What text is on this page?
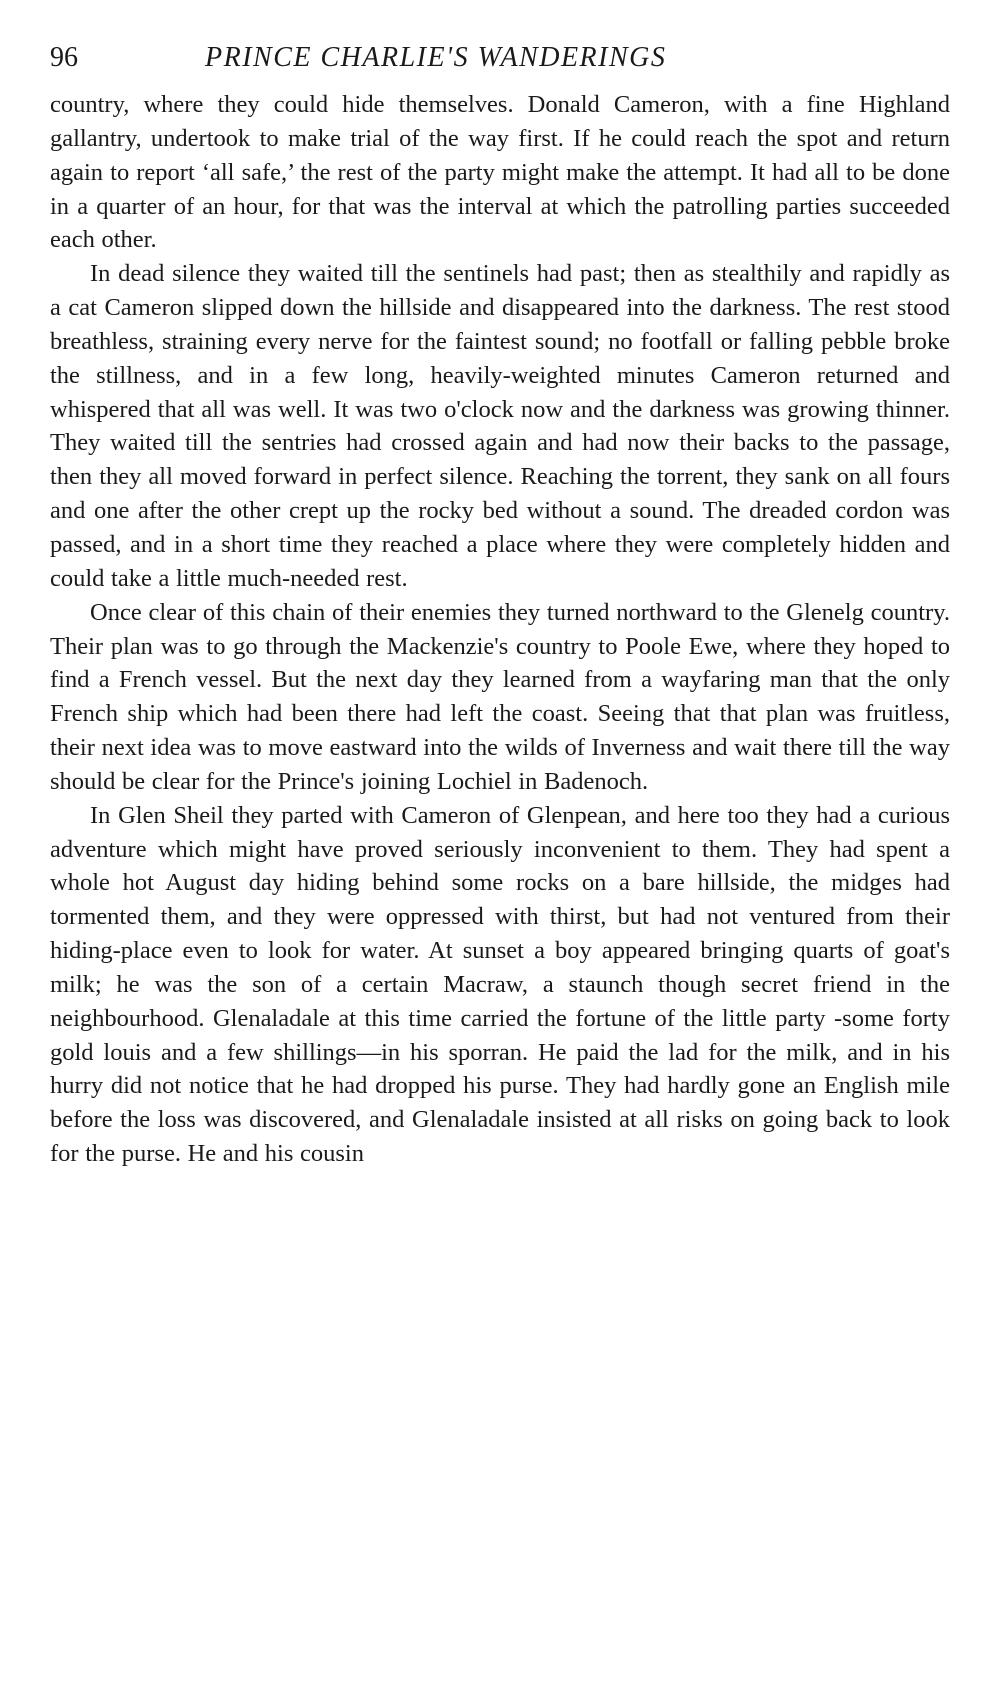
96	PRINCE CHARLIE'S WANDERINGS

country, where they could hide themselves. Donald Cameron, with a fine Highland gallantry, undertook to make trial of the way first. If he could reach the spot and return again to report ‘all safe,’ the rest of the party might make the attempt. It had all to be done in a quarter of an hour, for that was the interval at which the patrolling parties succeeded each other.

In dead silence they waited till the sentinels had past; then as stealthily and rapidly as a cat Cameron slipped down the hillside and disappeared into the darkness. The rest stood breathless, straining every nerve for the faintest sound; no footfall or falling pebble broke the stillness, and in a few long, heavily-weighted minutes Cameron returned and whispered that all was well. It was two o'clock now and the darkness was growing thinner. They waited till the sentries had crossed again and had now their backs to the passage, then they all moved forward in perfect silence. Reaching the torrent, they sank on all fours and one after the other crept up the rocky bed without a sound. The dreaded cordon was passed, and in a short time they reached a place where they were completely hidden and could take a little much-needed rest.

Once clear of this chain of their enemies they turned northward to the Glenelg country. Their plan was to go through the Mackenzie's country to Poole Ewe, where they hoped to find a French vessel. But the next day they learned from a wayfaring man that the only French ship which had been there had left the coast. Seeing that that plan was fruitless, their next idea was to move eastward into the wilds of Inverness and wait there till the way should be clear for the Prince's joining Lochiel in Badenoch.

In Glen Sheil they parted with Cameron of Glenpean, and here too they had a curious adventure which might have proved seriously inconvenient to them. They had spent a whole hot August day hiding behind some rocks on a bare hillside, the midges had tormented them, and they were oppressed with thirst, but had not ventured from their hiding-place even to look for water. At sunset a boy appeared bringing quarts of goat's milk; he was the son of a certain Macraw, a staunch though secret friend in the neighbourhood. Glenaladale at this time carried the fortune of the little party -some forty gold louis and a few shillings—in his sporran. He paid the lad for the milk, and in his hurry did not notice that he had dropped his purse. They had hardly gone an English mile before the loss was discovered, and Glenaladale insisted at all risks on going back to look for the purse. He and his cousin
